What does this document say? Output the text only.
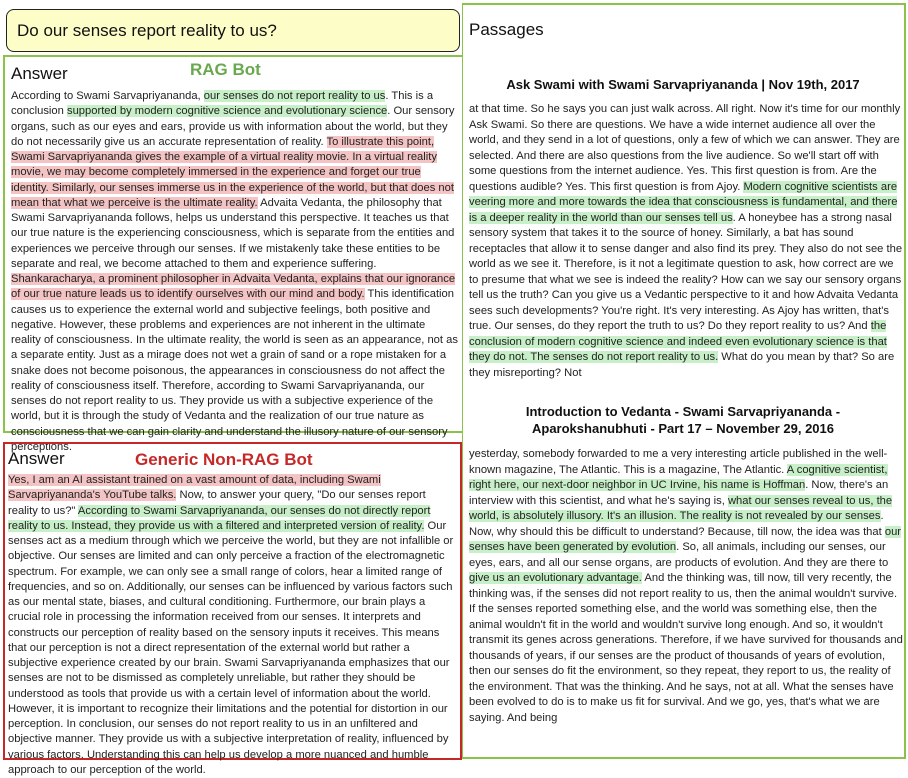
Do our senses report reality to us?
Answer	RAG Bot
According to Swami Sarvapriyananda, our senses do not report reality to us. This is a conclusion supported by modern cognitive science and evolutionary science. Our sensory organs, such as our eyes and ears, provide us with information about the world, but they do not necessarily give us an accurate representation of reality. To illustrate this point, Swami Sarvapriyananda gives the example of a virtual reality movie. In a virtual reality movie, we may become completely immersed in the experience and forget our true identity. Similarly, our senses immerse us in the experience of the world, but that does not mean that what we perceive is the ultimate reality. Advaita Vedanta, the philosophy that Swami Sarvapriyananda follows, helps us understand this perspective. It teaches us that our true nature is the experiencing consciousness, which is separate from the entities and experiences we perceive through our senses. If we mistakenly take these entities to be separate and real, we become attached to them and experience suffering. Shankaracharya, a prominent philosopher in Advaita Vedanta, explains that our ignorance of our true nature leads us to identify ourselves with our mind and body. This identification causes us to experience the external world and subjective feelings, both positive and negative. However, these problems and experiences are not inherent in the ultimate reality of consciousness. In the ultimate reality, the world is seen as an appearance, not as a separate entity. Just as a mirage does not wet a grain of sand or a rope mistaken for a snake does not become poisonous, the appearances in consciousness do not affect the reality of consciousness itself. Therefore, according to Swami Sarvapriyananda, our senses do not report reality to us. They provide us with a subjective experience of the world, but it is through the study of Vedanta and the realization of our true nature as consciousness that we can gain clarity and understand the illusory nature of our sensory perceptions.
Answer	Generic Non-RAG Bot
Yes, I am an AI assistant trained on a vast amount of data, including Swami Sarvapriyananda's YouTube talks. Now, to answer your query, "Do our senses report reality to us?" According to Swami Sarvapriyananda, our senses do not directly report reality to us. Instead, they provide us with a filtered and interpreted version of reality. Our senses act as a medium through which we perceive the world, but they are not infallible or objective. Our senses are limited and can only perceive a fraction of the electromagnetic spectrum. For example, we can only see a small range of colors, hear a limited range of frequencies, and so on. Additionally, our senses can be influenced by various factors such as our mental state, biases, and cultural conditioning. Furthermore, our brain plays a crucial role in processing the information received from our senses. It interprets and constructs our perception of reality based on the sensory inputs it receives. This means that our perception is not a direct representation of the external world but rather a subjective experience created by our brain. Swami Sarvapriyananda emphasizes that our senses are not to be dismissed as completely unreliable, but rather they should be understood as tools that provide us with a certain level of information about the world. However, it is important to recognize their limitations and the potential for distortion in our perception. In conclusion, our senses do not report reality to us in an unfiltered and objective manner. They provide us with a subjective interpretation of reality, influenced by various factors. Understanding this can help us develop a more nuanced and humble approach to our perception of the world.
Passages
Ask Swami with Swami Sarvapriyananda | Nov 19th, 2017
at that time. So he says you can just walk across. All right. Now it's time for our monthly Ask Swami. So there are questions. We have a wide internet audience all over the world, and they send in a lot of questions, only a few of which we can answer. They are selected. And there are also questions from the live audience. So we'll start off with some questions from the internet audience. Yes. This first question is from. Are the questions audible? Yes. This first question is from Ajoy. Modern cognitive scientists are veering more and more towards the idea that consciousness is fundamental, and there is a deeper reality in the world than our senses tell us. A honeybee has a strong nasal sensory system that takes it to the source of honey. Similarly, a bat has sound receptacles that allow it to sense danger and also find its prey. They also do not see the world as we see it. Therefore, is it not a legitimate question to ask, how correct are we to presume that what we see is indeed the reality? How can we say our sensory organs tell us the truth? Can you give us a Vedantic perspective to it and how Advaita Vedanta sees such developments? You're right. It's very interesting. As Ajoy has written, that's true. Our senses, do they report the truth to us? Do they report reality to us? And the conclusion of modern cognitive science and indeed even evolutionary science is that they do not. The senses do not report reality to us. What do you mean by that? So are they misreporting? Not
Introduction to Vedanta - Swami Sarvapriyananda - Aparokshanubhuti - Part 17 – November 29, 2016
yesterday, somebody forwarded to me a very interesting article published in the well-known magazine, The Atlantic. This is a magazine, The Atlantic. A cognitive scientist, right here, our next-door neighbor in UC Irvine, his name is Hoffman. Now, there's an interview with this scientist, and what he's saying is, what our senses reveal to us, the world, is absolutely illusory. It's an illusion. The reality is not revealed by our senses. Now, why should this be difficult to understand? Because, till now, the idea was that our senses have been generated by evolution. So, all animals, including our senses, our eyes, ears, and all our sense organs, are products of evolution. And they are there to give us an evolutionary advantage. And the thinking was, till now, till very recently, the thinking was, if the senses did not report reality to us, then the animal wouldn't survive. If the senses reported something else, and the world was something else, then the animal wouldn't fit in the world and wouldn't survive long enough. And so, it wouldn't transmit its genes across generations. Therefore, if we have survived for thousands and thousands of years, if our senses are the product of thousands of years of evolution, then our senses do fit the environment, so they repeat, they report to us, the reality of the environment. That was the thinking. And he says, not at all. What the senses have been evolved to do is to make us fit for survival. And we go, yes, that's what we are saying. And being
